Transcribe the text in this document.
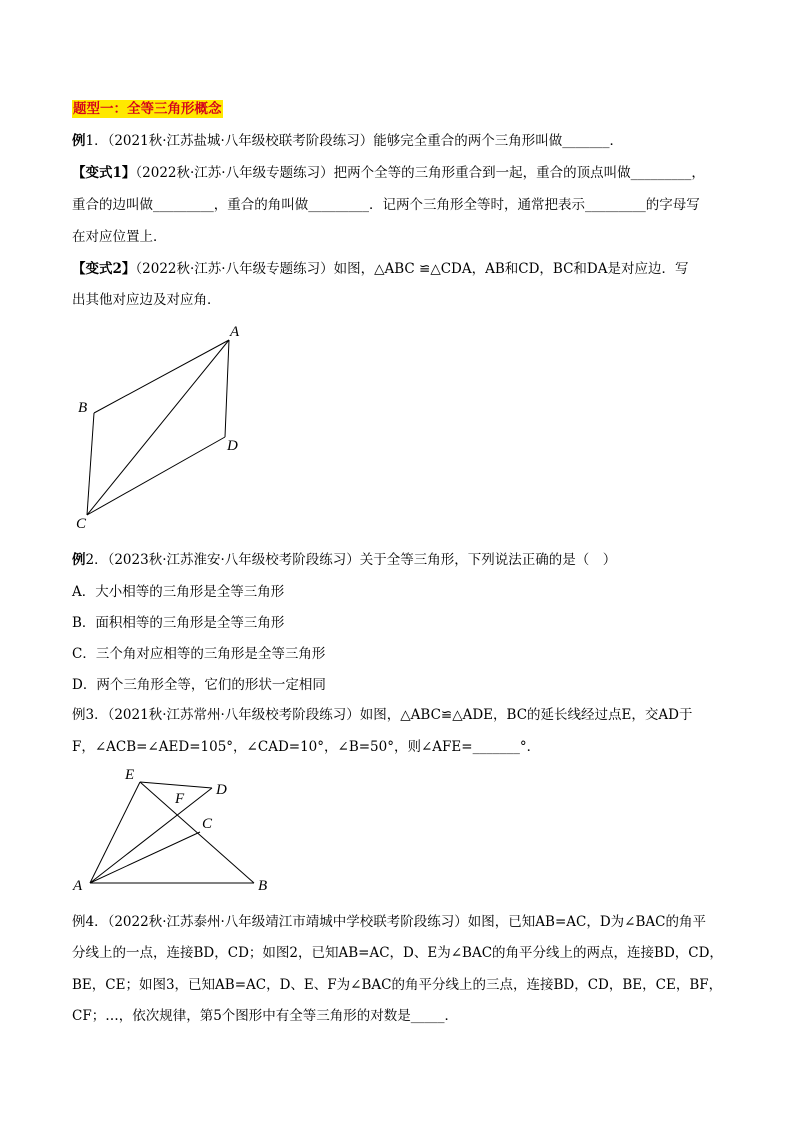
题型一：全等三角形概念
例1．（2021秋·江苏盐城·八年级校联考阶段练习）能够完全重合的两个三角形叫做_______．
【变式1】（2022秋·江苏·八年级专题练习）把两个全等的三角形重合到一起，重合的顶点叫做_________，
重合的边叫做_________，重合的角叫做_________．记两个三角形全等时，通常把表示_________的字母写
在对应位置上．
【变式2】（2022秋·江苏·八年级专题练习）如图，△ABC ≌△CDA，AB和CD，BC和DA是对应边．写
出其他对应边及对应角．
A
B
C
D
例2．（2023秋·江苏淮安·八年级校考阶段练习）关于全等三角形，下列说法正确的是（　）
A．大小相等的三角形是全等三角形
B．面积相等的三角形是全等三角形
C．三个角对应相等的三角形是全等三角形
D．两个三角形全等，它们的形状一定相同
例3．（2021秋·江苏常州·八年级校考阶段练习）如图，△ABC≌△ADE，BC的延长线经过点E，交AD于
F，∠ACB=∠AED=105°，∠CAD=10°，∠B=50°，则∠AFE=_______°．
E
D
F
C
A	B
例4．（2022秋·江苏泰州·八年级靖江市靖城中学校联考阶段练习）如图，已知AB=AC，D为∠BAC的角平
分线上的一点，连接BD，CD；如图2，已知AB=AC，D、E为∠BAC的角平分线上的两点，连接BD，CD，
BE，CE；如图3，已知AB=AC，D、E、F为∠BAC的角平分线上的三点，连接BD，CD，BE，CE，BF，
CF；…，依次规律，第5个图形中有全等三角形的对数是_____．
